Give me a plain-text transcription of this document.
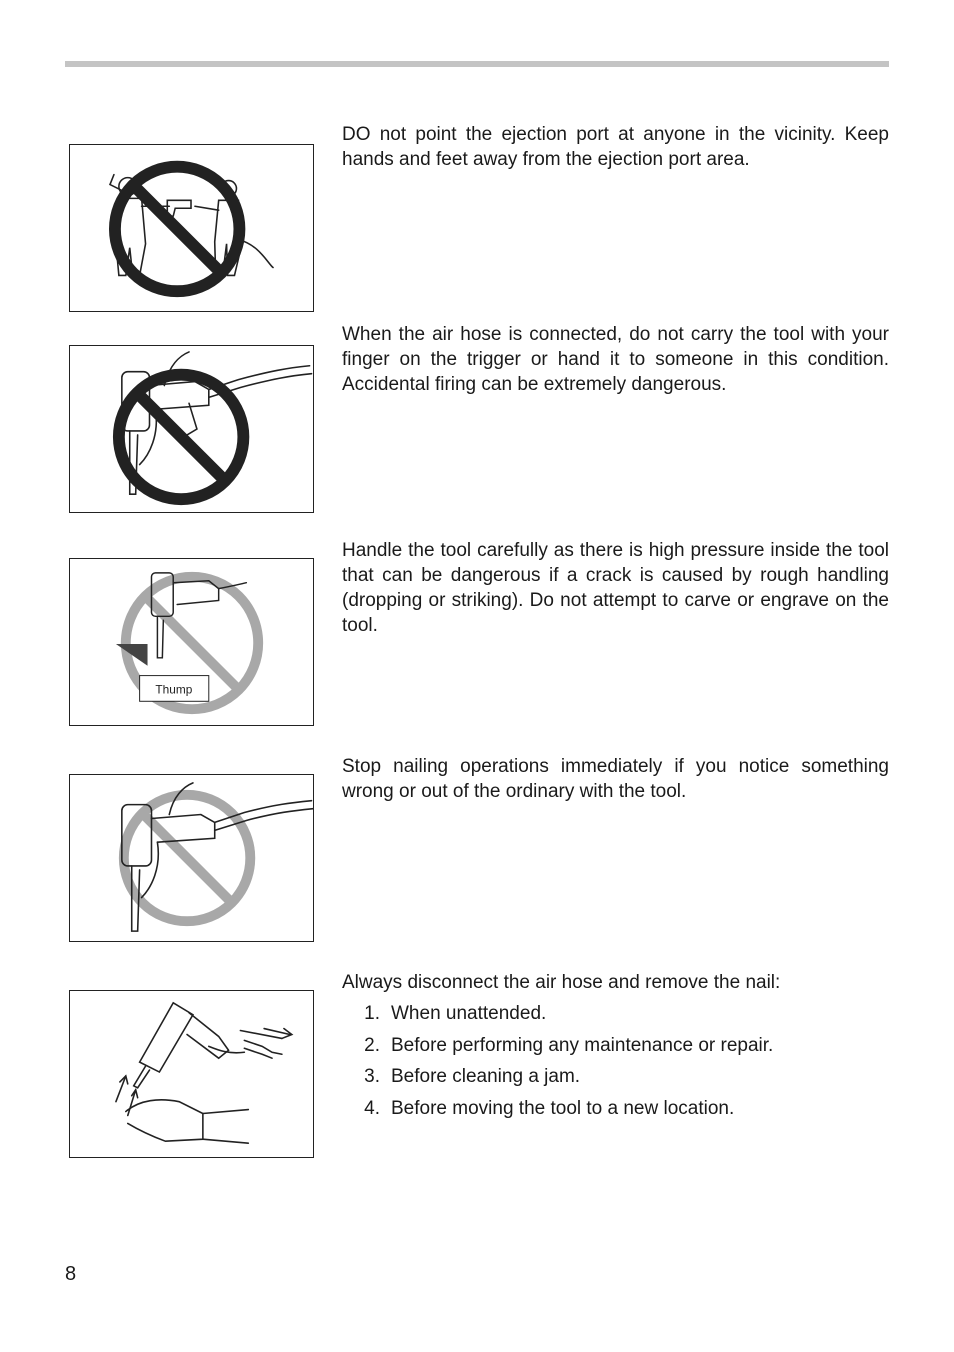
DO not point the ejection port at anyone in the vicinity. Keep hands and feet away from the ejection port area.

When the air hose is connected, do not carry the tool with your finger on the trigger or hand it to someone in this condition. Accidental firing can be extremely dangerous.

Thump

Handle the tool carefully as there is high pressure inside the tool that can be dangerous if a crack is caused by rough handling (dropping or striking). Do not attempt to carve or engrave on the tool.

Stop nailing operations immediately if you notice something wrong or out of the ordinary with the tool.

Always disconnect the air hose and remove the nail:

1. When unattended.
2. Before performing any maintenance or repair.
3. Before cleaning a jam.
4. Before moving the tool to a new location.
8
